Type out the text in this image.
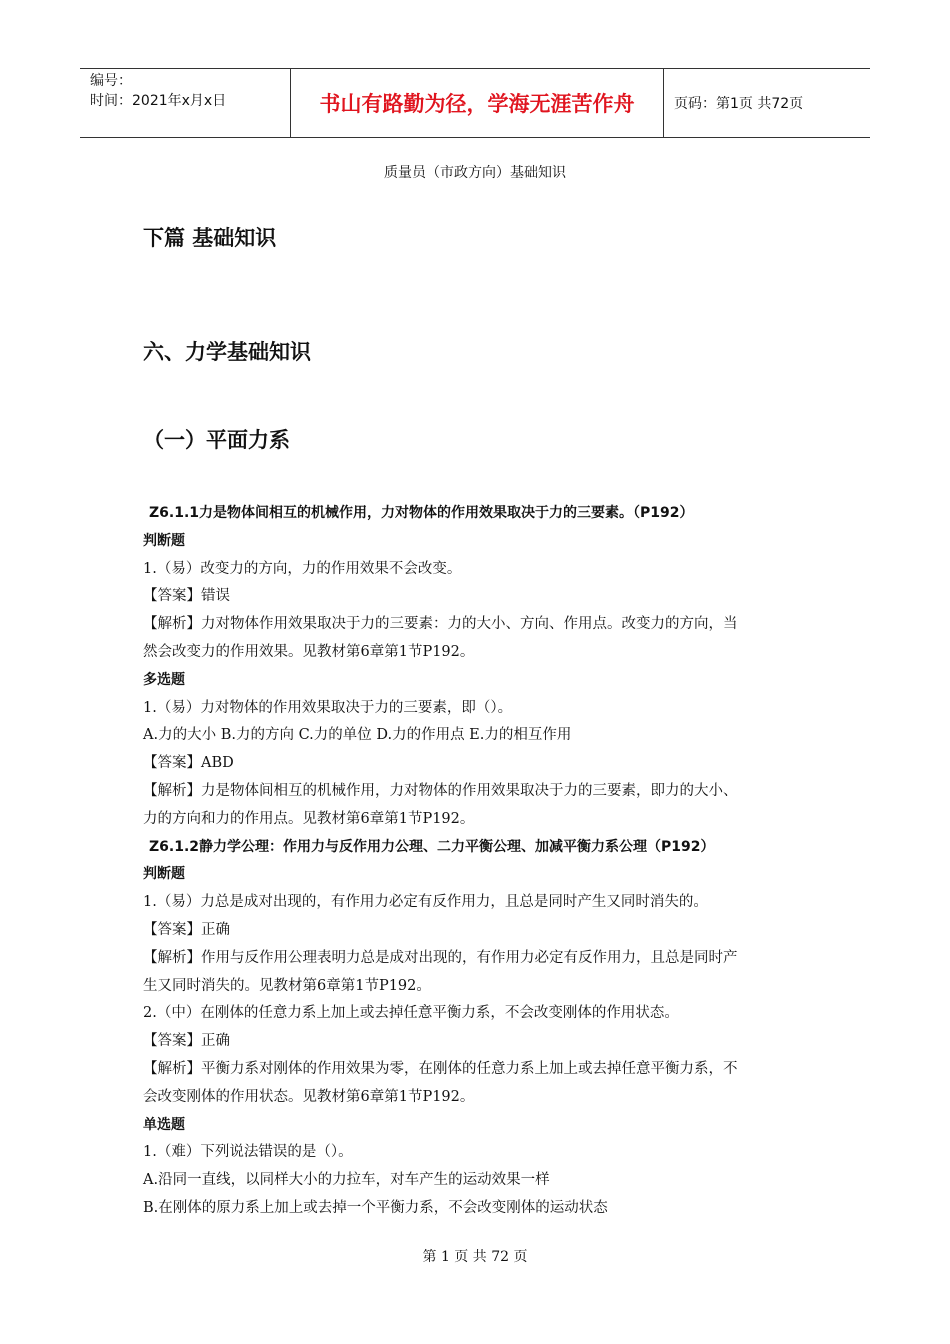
编号：
时间：2021年x月x日	书山有路勤为径，学海无涯苦作舟	页码：第1页 共72页
质量员（市政方向）基础知识
下篇 基础知识
六、力学基础知识
（一）平面力系
Z6.1.1力是物体间相互的机械作用，力对物体的作用效果取决于力的三要素。（P192）
判断题
1.（易）改变力的方向，力的作用效果不会改变。
【答案】错误
【解析】力对物体作用效果取决于力的三要素：力的大小、方向、作用点。改变力的方向，当
然会改变力的作用效果。见教材第6章第1节P192。
多选题
1.（易）力对物体的作用效果取决于力的三要素，即（）。
A.力的大小 B.力的方向 C.力的单位 D.力的作用点 E.力的相互作用
【答案】ABD
【解析】力是物体间相互的机械作用，力对物体的作用效果取决于力的三要素，即力的大小、
力的方向和力的作用点。见教材第6章第1节P192。
Z6.1.2静力学公理：作用力与反作用力公理、二力平衡公理、加减平衡力系公理（P192）
判断题
1.（易）力总是成对出现的，有作用力必定有反作用力，且总是同时产生又同时消失的。
【答案】正确
【解析】作用与反作用公理表明力总是成对出现的，有作用力必定有反作用力，且总是同时产
生又同时消失的。见教材第6章第1节P192。
2.（中）在刚体的任意力系上加上或去掉任意平衡力系，不会改变刚体的作用状态。
【答案】正确
【解析】平衡力系对刚体的作用效果为零，在刚体的任意力系上加上或去掉任意平衡力系，不
会改变刚体的作用状态。见教材第6章第1节P192。
单选题
1.（难）下列说法错误的是（）。
A.沿同一直线，以同样大小的力拉车，对车产生的运动效果一样
B.在刚体的原力系上加上或去掉一个平衡力系，不会改变刚体的运动状态
第 1 页 共 72 页
